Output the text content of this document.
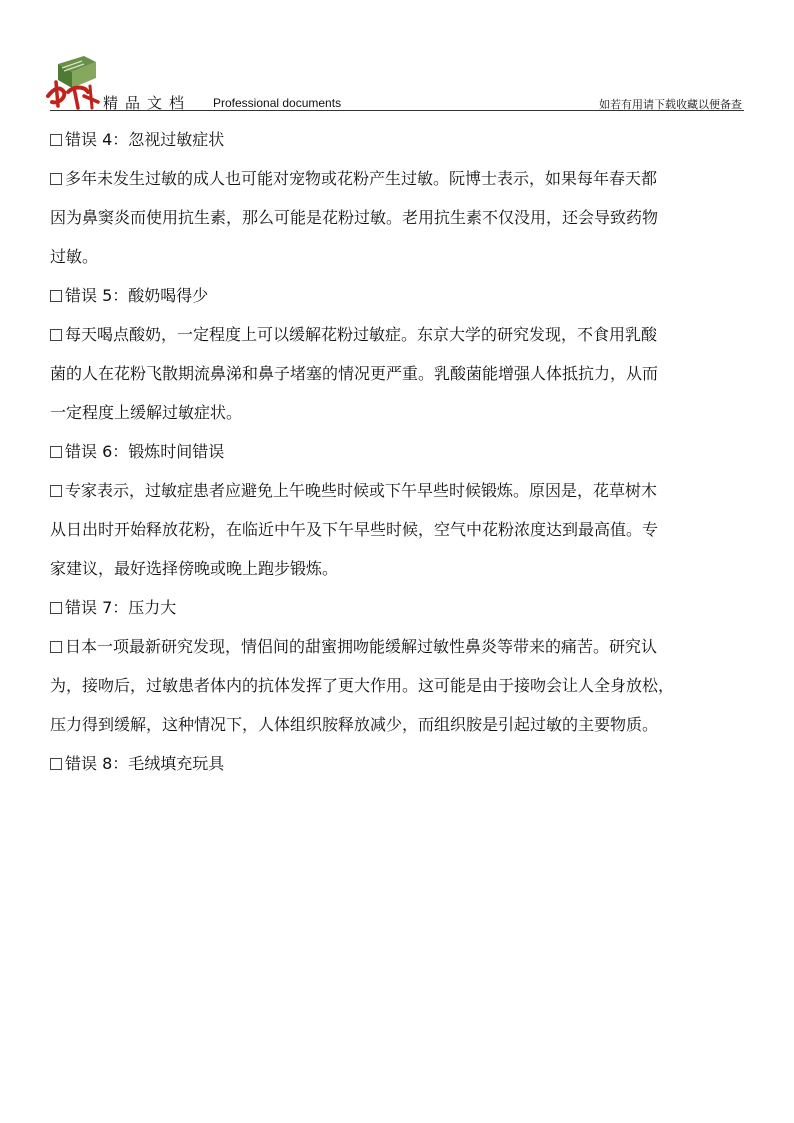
精品文档 Professional documents	如若有用请下载收藏以便备查
错误 4：忽视过敏症状
多年未发生过敏的成人也可能对宠物或花粉产生过敏。阮博士表示，如果每年春天都
因为鼻窦炎而使用抗生素，那么可能是花粉过敏。老用抗生素不仅没用，还会导致药物
过敏。
错误 5：酸奶喝得少
每天喝点酸奶，一定程度上可以缓解花粉过敏症。东京大学的研究发现，不食用乳酸
菌的人在花粉飞散期流鼻涕和鼻子堵塞的情况更严重。乳酸菌能增强人体抵抗力，从而
一定程度上缓解过敏症状。
错误 6：锻炼时间错误
专家表示，过敏症患者应避免上午晚些时候或下午早些时候锻炼。原因是，花草树木
从日出时开始释放花粉，在临近中午及下午早些时候，空气中花粉浓度达到最高值。专
家建议，最好选择傍晚或晚上跑步锻炼。
错误 7：压力大
日本一项最新研究发现，情侣间的甜蜜拥吻能缓解过敏性鼻炎等带来的痛苦。研究认
为，接吻后，过敏患者体内的抗体发挥了更大作用。这可能是由于接吻会让人全身放松，
压力得到缓解，这种情况下，人体组织胺释放减少，而组织胺是引起过敏的主要物质。
错误 8：毛绒填充玩具
